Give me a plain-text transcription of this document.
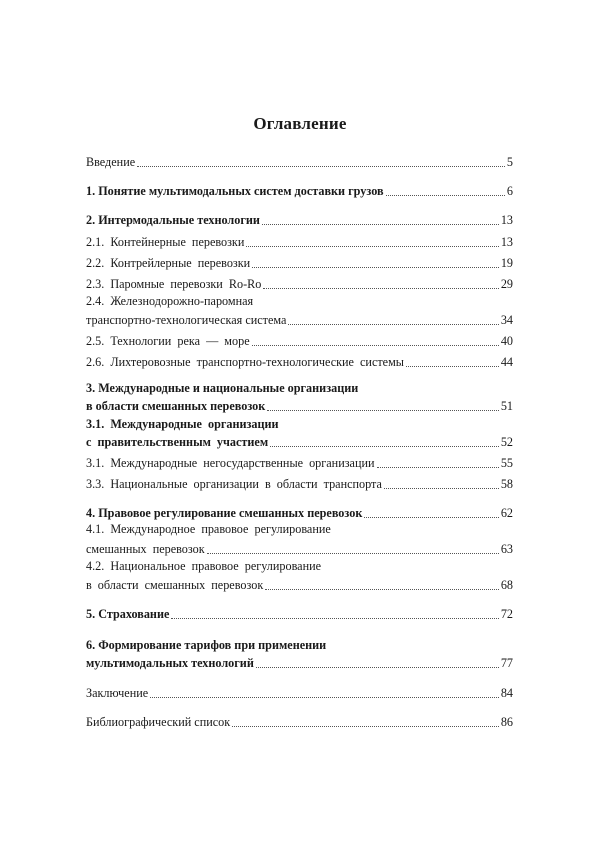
Оглавление
Введение	5
1. Понятие мультимодальных систем доставки грузов	6
2. Интермодальные технологии	13
2.1. Контейнерные перевозки	13
2.2. Контрейлерные перевозки	19
2.3. Паромные перевозки Ro-Ro	29
2.4. Железнодорожно-паромная
транспортно-технологическая система	34
2.5. Технологии река — море	40
2.6. Лихтеровозные транспортно-технологические системы	44
3. Международные и национальные организации
в области смешанных перевозок	51
3.1. Международные организации
с правительственным участием	52
3.1. Международные негосударственные организации	55
3.3. Национальные организации в области транспорта	58
4. Правовое регулирование смешанных перевозок	62
4.1. Международное правовое регулирование
смешанных перевозок	63
4.2. Национальное правовое регулирование
в области смешанных перевозок	68
5. Страхование	72
6. Формирование тарифов при применении
мультимодальных технологий	77
Заключение	84
Библиографический список	86
